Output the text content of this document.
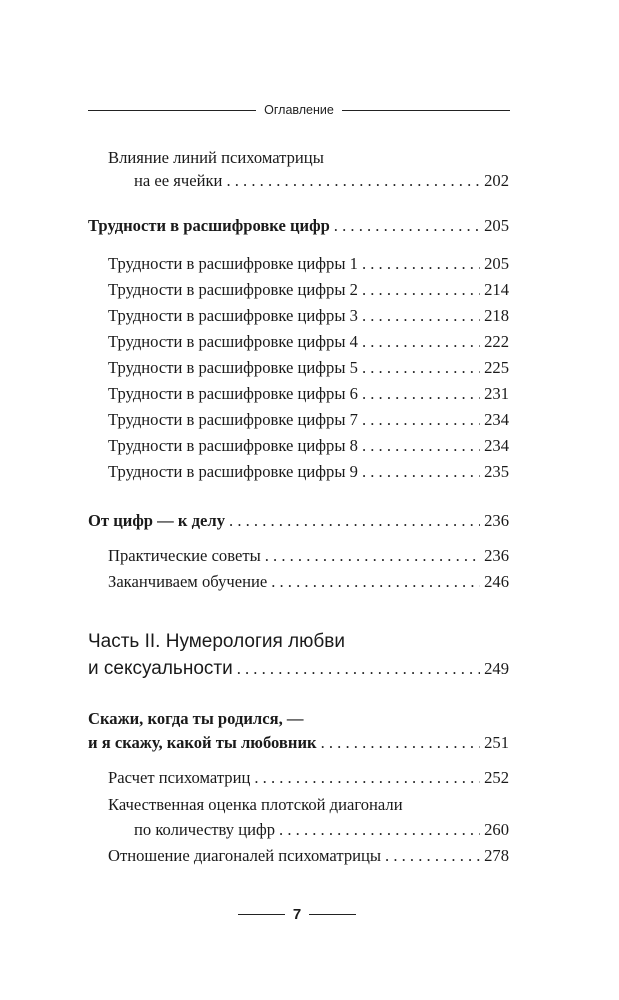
Оглавление
Влияние линий психоматрицы
на ее ячейки . . .	202
Трудности в расшифровке цифр . . .	205
Трудности в расшифровке цифры 1 . . .	205
Трудности в расшифровке цифры 2 . . .	214
Трудности в расшифровке цифры 3 . . .	218
Трудности в расшифровке цифры 4 . . .	222
Трудности в расшифровке цифры 5 . . .	225
Трудности в расшифровке цифры 6 . . .	231
Трудности в расшифровке цифры 7 . . .	234
Трудности в расшифровке цифры 8 . . .	234
Трудности в расшифровке цифры 9 . . .	235
От цифр — к делу . . .	236
Практические советы . . .	236
Заканчиваем обучение . . .	246
Часть II. Нумерология любви
и сексуальности . . .	249
Скажи, когда ты родился, —
и я скажу, какой ты любовник . . .	251
Расчет психоматриц . . .	252
Качественная оценка плотской диагонали
по количеству цифр . . .	260
Отношение диагоналей психоматрицы . . .	278
7
